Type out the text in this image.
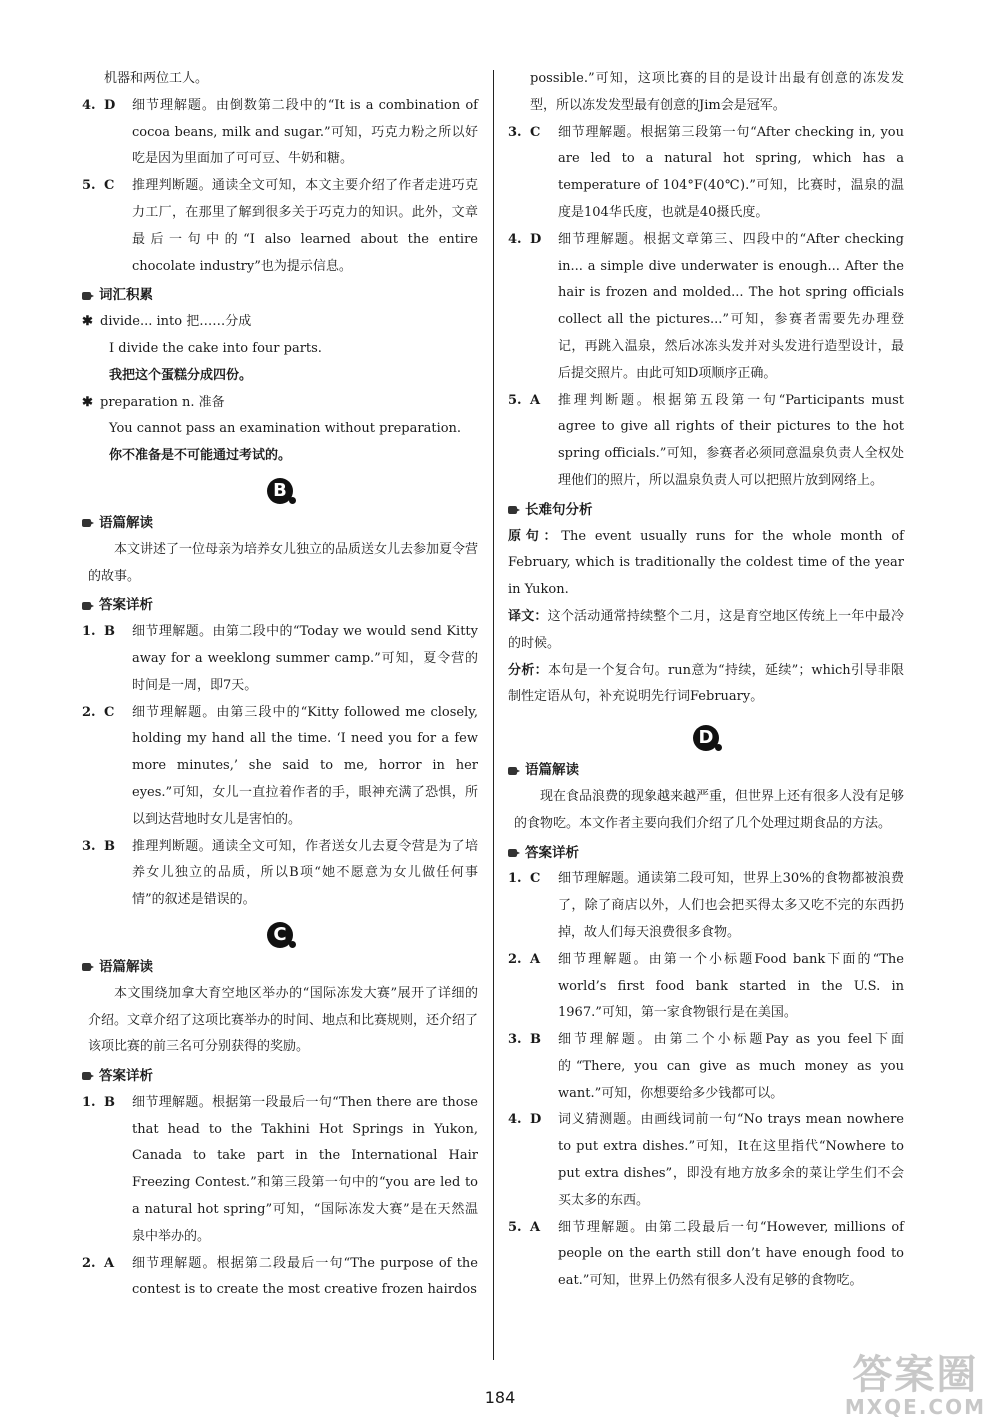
机器和两位工人。

4. D	细节理解题。由倒数第二段中的“It is a combination of cocoa beans, milk and sugar.”可知，巧克力粉之所以好吃是因为里面加了可可豆、牛奶和糖。
5. C	推理判断题。通读全文可知，本文主要介绍了作者走进巧克力工厂，在那里了解到很多关于巧克力的知识。此外，文章最后一句中的“I also learned about the entire chocolate industry”也为提示信息。
词汇积累
✱ divide... into 把……分成
I divide the cake into four parts.
我把这个蛋糕分成四份。
✱ preparation n. 准备
You cannot pass an examination without preparation.
你不准备是不可能通过考试的。
B
语篇解读

本文讲述了一位母亲为培养女儿独立的品质送女儿去参加夏令营的故事。

答案详析
1. B	细节理解题。由第二段中的“Today we would send Kitty away for a weeklong summer camp.”可知，夏令营的时间是一周，即7天。
2. C	细节理解题。由第三段中的“Kitty followed me closely, holding my hand all the time. ‘I need you for a few more minutes,’ she said to me, horror in her eyes.”可知，女儿一直拉着作者的手，眼神充满了恐惧，所以到达营地时女儿是害怕的。
3. B	推理判断题。通读全文可知，作者送女儿去夏令营是为了培养女儿独立的品质，所以B项“她不愿意为女儿做任何事情”的叙述是错误的。
C
语篇解读

本文围绕加拿大育空地区举办的“国际冻发大赛”展开了详细的介绍。文章介绍了这项比赛举办的时间、地点和比赛规则，还介绍了该项比赛的前三名可分别获得的奖励。

答案详析
1. B	细节理解题。根据第一段最后一句“Then there are those that head to the Takhini Hot Springs in Yukon, Canada to take part in the International Hair Freezing Contest.”和第三段第一句中的“you are led to a natural hot spring”可知，“国际冻发大赛”是在天然温泉中举办的。
2. A	细节理解题。根据第二段最后一句“The purpose of the contest is to create the most creative frozen hairdos

possible.”可知，这项比赛的目的是设计出最有创意的冻发发型，所以冻发发型最有创意的Jim会是冠军。

3. C	细节理解题。根据第三段第一句“After checking in, you are led to a natural hot spring, which has a temperature of 104°F(40℃).”可知，比赛时，温泉的温度是104华氏度，也就是40摄氏度。
4. D	细节理解题。根据文章第三、四段中的“After checking in... a simple dive underwater is enough... After the hair is frozen and molded... The hot spring officials collect all the pictures...”可知，参赛者需要先办理登记，再跳入温泉，然后冰冻头发并对头发进行造型设计，最后提交照片。由此可知D项顺序正确。
5. A	推理判断题。根据第五段第一句“Participants must agree to give all rights of their pictures to the hot spring officials.”可知，参赛者必须同意温泉负责人全权处理他们的照片，所以温泉负责人可以把照片放到网络上。
长难句分析

原句：The event usually runs for the whole month of February, which is traditionally the coldest time of the year in Yukon.

译文：这个活动通常持续整个二月，这是育空地区传统上一年中最冷的时候。

分析：本句是一个复合句。run意为“持续，延续”；which引导非限制性定语从句，补充说明先行词February。

D
语篇解读

现在食品浪费的现象越来越严重，但世界上还有很多人没有足够的食物吃。本文作者主要向我们介绍了几个处理过期食品的方法。

答案详析
1. C	细节理解题。通读第二段可知，世界上30%的食物都被浪费了，除了商店以外，人们也会把买得太多又吃不完的东西扔掉，故人们每天浪费很多食物。
2. A	细节理解题。由第一个小标题Food bank下面的“The world’s first food bank started in the U.S. in 1967.”可知，第一家食物银行是在美国。
3. B	细节理解题。由第二个小标题Pay as you feel下面的“There, you can give as much money as you want.”可知，你想要给多少钱都可以。
4. D	词义猜测题。由画线词前一句“No trays mean nowhere to put extra dishes.”可知，It在这里指代“Nowhere to put extra dishes”，即没有地方放多余的菜让学生们不会买太多的东西。
5. A	细节理解题。由第二段最后一句“However, millions of people on the earth still don’t have enough food to eat.”可知，世界上仍然有很多人没有足够的食物吃。
184	答案圈
MXQE.COM
